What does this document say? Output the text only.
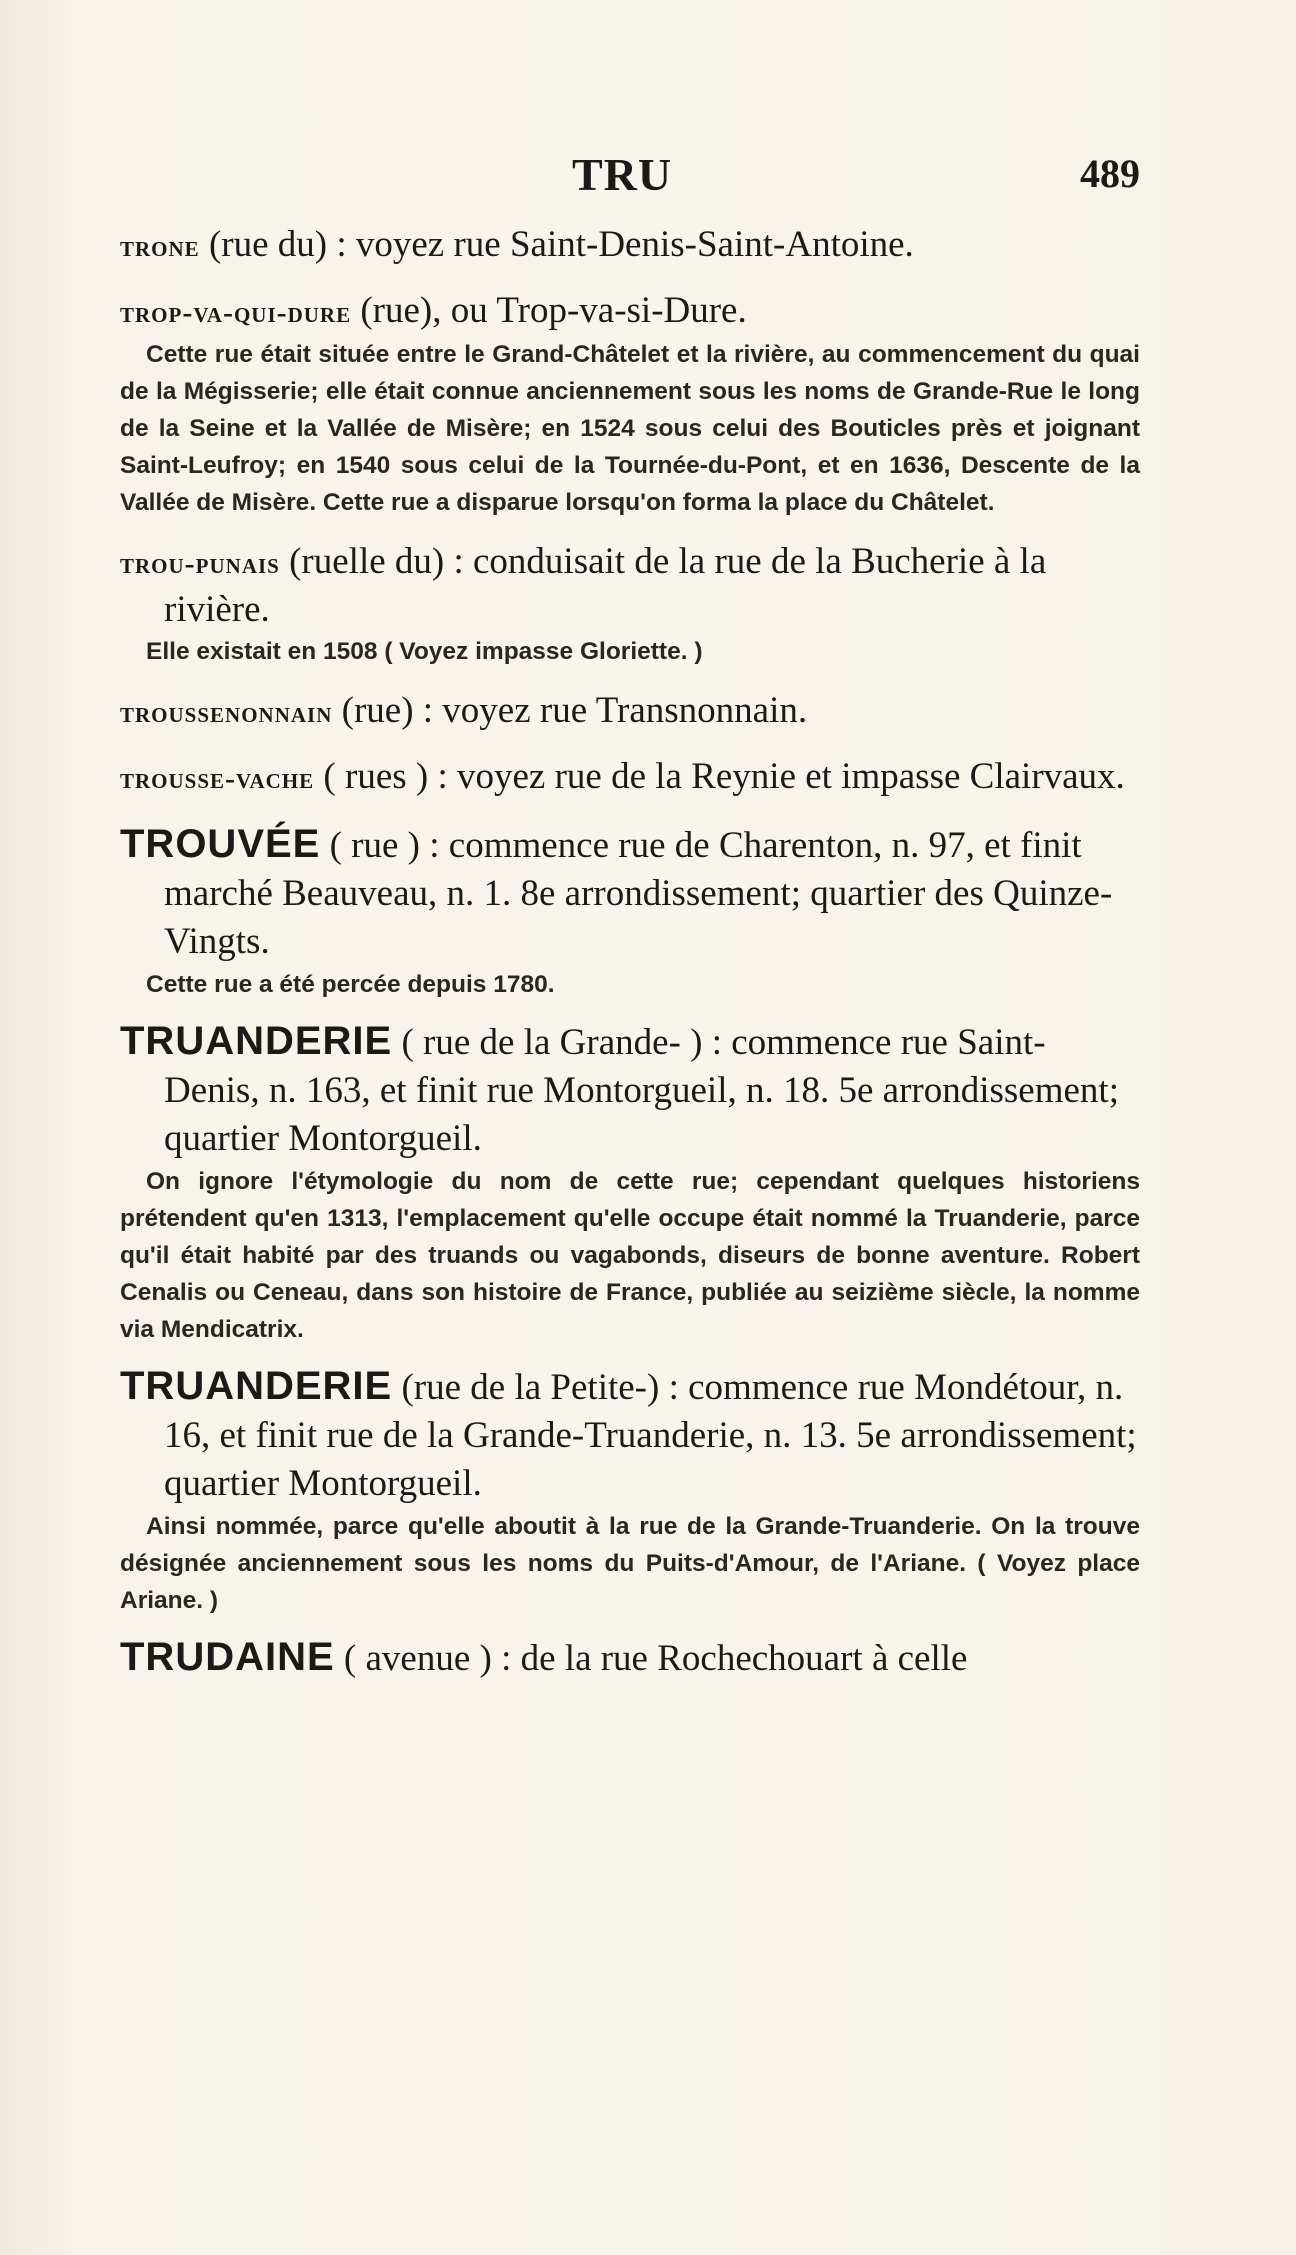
TRU	489

trone (rue du) : voyez rue Saint-Denis-Saint-Antoine.

trop-va-qui-dure (rue), ou Trop-va-si-Dure.

Cette rue était située entre le Grand-Châtelet et la rivière, au commencement du quai de la Mégisserie; elle était connue anciennement sous les noms de Grande-Rue le long de la Seine et la Vallée de Misère; en 1524 sous celui des Bouticles près et joignant Saint-Leufroy; en 1540 sous celui de la Tournée-du-Pont, et en 1636, Descente de la Vallée de Misère. Cette rue a disparue lorsqu'on forma la place du Châtelet.

trou-punais (ruelle du) : conduisait de la rue de la Bucherie à la rivière.

Elle existait en 1508 ( Voyez impasse Gloriette. )

troussenonnain (rue) : voyez rue Transnonnain.

trousse-vache ( rues ) : voyez rue de la Reynie et impasse Clairvaux.

TROUVÉE ( rue ) : commence rue de Charenton, n. 97, et finit marché Beauveau, n. 1. 8e arrondissement; quartier des Quinze-Vingts.

Cette rue a été percée depuis 1780.

TRUANDERIE ( rue de la Grande- ) : commence rue Saint-Denis, n. 163, et finit rue Montorgueil, n. 18. 5e arrondissement; quartier Montorgueil.

On ignore l'étymologie du nom de cette rue; cependant quelques historiens prétendent qu'en 1313, l'emplacement qu'elle occupe était nommé la Truanderie, parce qu'il était habité par des truands ou vagabonds, diseurs de bonne aventure. Robert Cenalis ou Ceneau, dans son histoire de France, publiée au seizième siècle, la nomme via Mendicatrix.

TRUANDERIE (rue de la Petite-) : commence rue Mondétour, n. 16, et finit rue de la Grande-Truanderie, n. 13. 5e arrondissement; quartier Montorgueil.

Ainsi nommée, parce qu'elle aboutit à la rue de la Grande-Truanderie. On la trouve désignée anciennement sous les noms du Puits-d'Amour, de l'Ariane. ( Voyez place Ariane. )

TRUDAINE ( avenue ) : de la rue Rochechouart à celle
